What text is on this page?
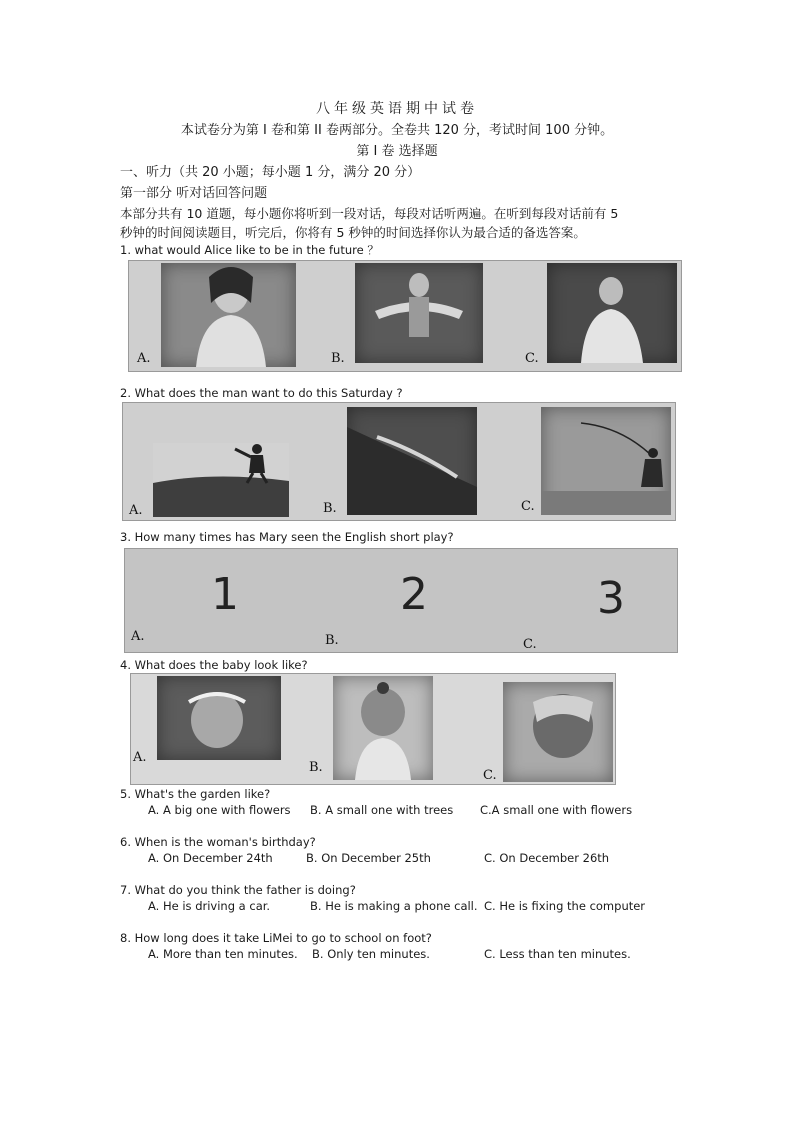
八年级英语期中试卷
本试卷分为第 I 卷和第 II 卷两部分。全卷共 120 分，考试时间 100 分钟。
第 I 卷 选择题
一、听力（共 20 小题；每小题 1 分，满分 20 分）
第一部分 听对话回答问题
本部分共有 10 道题，每小题你将听到一段对话，每段对话听两遍。在听到每段对话前有 5
秒钟的时间阅读题目，听完后，你将有 5 秒钟的时间选择你认为最合适的备选答案。
1. what would Alice like to be in the future ？
A.	B.	C.
2. What does the man want to do this Saturday ?
A.	B.	C.
3. How many times has Mary seen the English short play?
1
A.
2
B.
3
C.
4. What does the baby look like?
A.
B.
C.
5. What's the garden like?
A. A big one with flowers B. A small one with trees C.A small one with flowers
6. When is the woman's birthday?
A. On December 24th	B. On December 25th	C. On December 26th
7. What do you think the father is doing?
A. He is driving a car.	B. He is making a phone call. C. He is fixing the computer
8. How long does it take LiMei to go to school on foot?
A. More than ten minutes. B. Only ten minutes.	C. Less than ten minutes.
